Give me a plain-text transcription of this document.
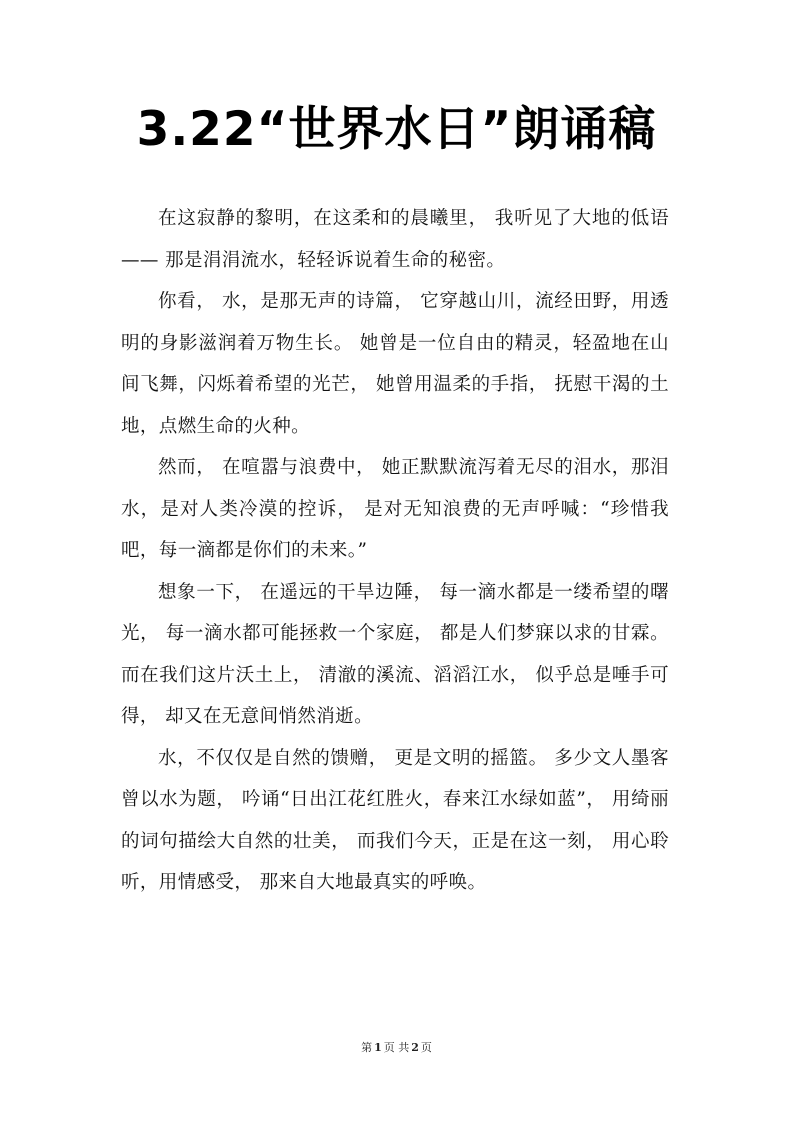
3.22“世界水日”朗诵稿

在这寂静的黎明，在这柔和的晨曦里， 我听见了大地的低语—— 那是涓涓流水，轻轻诉说着生命的秘密。

你看， 水，是那无声的诗篇， 它穿越山川，流经田野，用透明的身影滋润着万物生长。 她曾是一位自由的精灵，轻盈地在山间飞舞，闪烁着希望的光芒， 她曾用温柔的手指， 抚慰干渴的土地，点燃生命的火种。

然而， 在喧嚣与浪费中， 她正默默流泻着无尽的泪水，那泪水，是对人类冷漠的控诉， 是对无知浪费的无声呼喊：“珍惜我吧，每一滴都是你们的未来。”

想象一下， 在遥远的干旱边陲， 每一滴水都是一缕希望的曙光， 每一滴水都可能拯救一个家庭， 都是人们梦寐以求的甘霖。 而在我们这片沃土上， 清澈的溪流、滔滔江水， 似乎总是唾手可得， 却又在无意间悄然消逝。

水，不仅仅是自然的馈赠， 更是文明的摇篮。 多少文人墨客曾以水为题， 吟诵“日出江花红胜火，春来江水绿如蓝”， 用绮丽的词句描绘大自然的壮美， 而我们今天，正是在这一刻， 用心聆听，用情感受， 那来自大地最真实的呼唤。

第 1 页 共 2 页
